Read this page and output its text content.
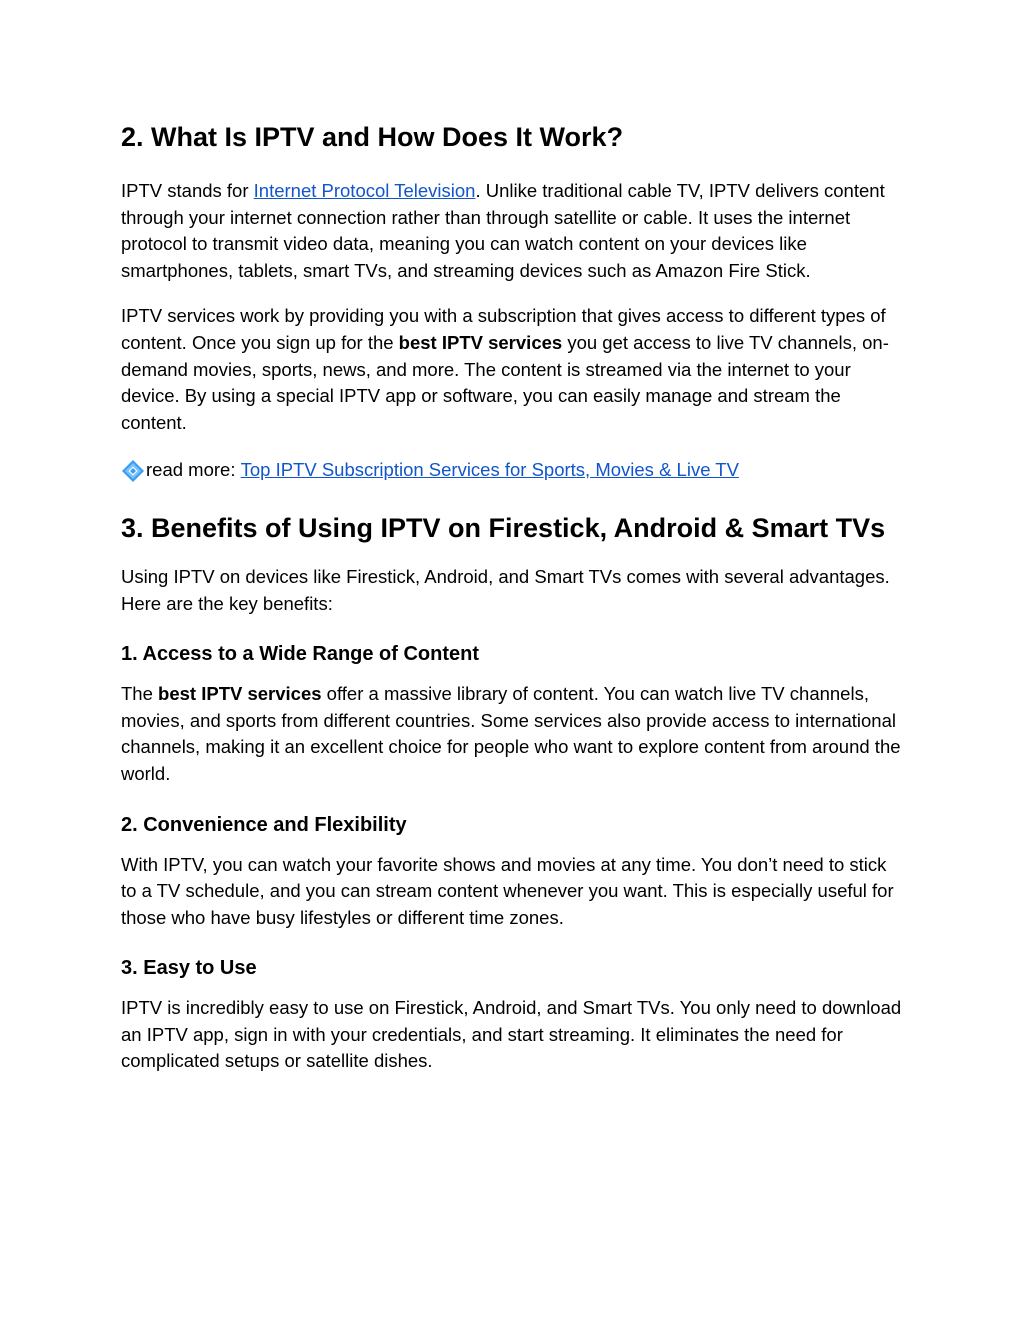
2. What Is IPTV and How Does It Work?

IPTV stands for Internet Protocol Television. Unlike traditional cable TV, IPTV delivers content through your internet connection rather than through satellite or cable. It uses the internet protocol to transmit video data, meaning you can watch content on your devices like smartphones, tablets, smart TVs, and streaming devices such as Amazon Fire Stick.

IPTV services work by providing you with a subscription that gives access to different types of content. Once you sign up for the best IPTV services you get access to live TV channels, on-demand movies, sports, news, and more. The content is streamed via the internet to your device. By using a special IPTV app or software, you can easily manage and stream the content.

read more: Top IPTV Subscription Services for Sports, Movies & Live TV

3. Benefits of Using IPTV on Firestick, Android & Smart TVs

Using IPTV on devices like Firestick, Android, and Smart TVs comes with several advantages. Here are the key benefits:

1. Access to a Wide Range of Content

The best IPTV services offer a massive library of content. You can watch live TV channels, movies, and sports from different countries. Some services also provide access to international channels, making it an excellent choice for people who want to explore content from around the world.

2. Convenience and Flexibility

With IPTV, you can watch your favorite shows and movies at any time. You don’t need to stick to a TV schedule, and you can stream content whenever you want. This is especially useful for those who have busy lifestyles or different time zones.

3. Easy to Use

IPTV is incredibly easy to use on Firestick, Android, and Smart TVs. You only need to download an IPTV app, sign in with your credentials, and start streaming. It eliminates the need for complicated setups or satellite dishes.
